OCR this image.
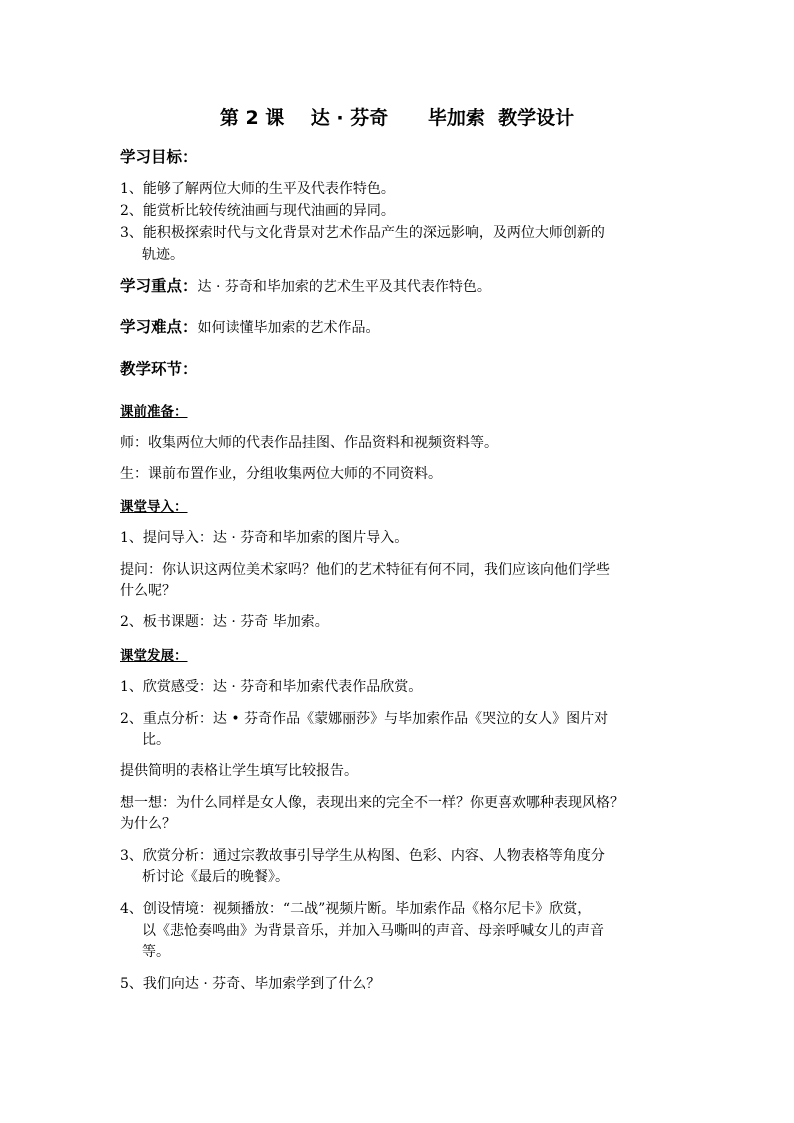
第 2 课    达 · 芬奇      毕加索  教学设计
学习目标：
1、能够了解两位大师的生平及代表作特色。
2、能赏析比较传统油画与现代油画的异同。
3、能积极探索时代与文化背景对艺术作品产生的深远影响，及两位大师创新的
轨迹。
学习重点：达 · 芬奇和毕加索的艺术生平及其代表作特色。
学习难点：如何读懂毕加索的艺术作品。
教学环节：
课前准备：
师：收集两位大师的代表作品挂图、作品资料和视频资料等。
生：课前布置作业，分组收集两位大师的不同资料。
课堂导入：
1、提问导入：达 · 芬奇和毕加索的图片导入。
提问：你认识这两位美术家吗？他们的艺术特征有何不同，我们应该向他们学些
什么呢？
2、板书课题：达 · 芬奇 毕加索。
课堂发展：
1、欣赏感受：达 · 芬奇和毕加索代表作品欣赏。
2、重点分析：达 • 芬奇作品《蒙娜丽莎》与毕加索作品《哭泣的女人》图片对
比。
提供简明的表格让学生填写比较报告。
想一想：为什么同样是女人像，表现出来的完全不一样？你更喜欢哪种表现风格？
为什么？
3、欣赏分析：通过宗教故事引导学生从构图、色彩、内容、人物表格等角度分
析讨论《最后的晚餐》。
4、创设情境：视频播放：“二战”视频片断。毕加索作品《格尔尼卡》欣赏，
以《悲怆奏鸣曲》为背景音乐，并加入马嘶叫的声音、母亲呼喊女儿的声音
等。
5、我们向达 · 芬奇、毕加索学到了什么？
